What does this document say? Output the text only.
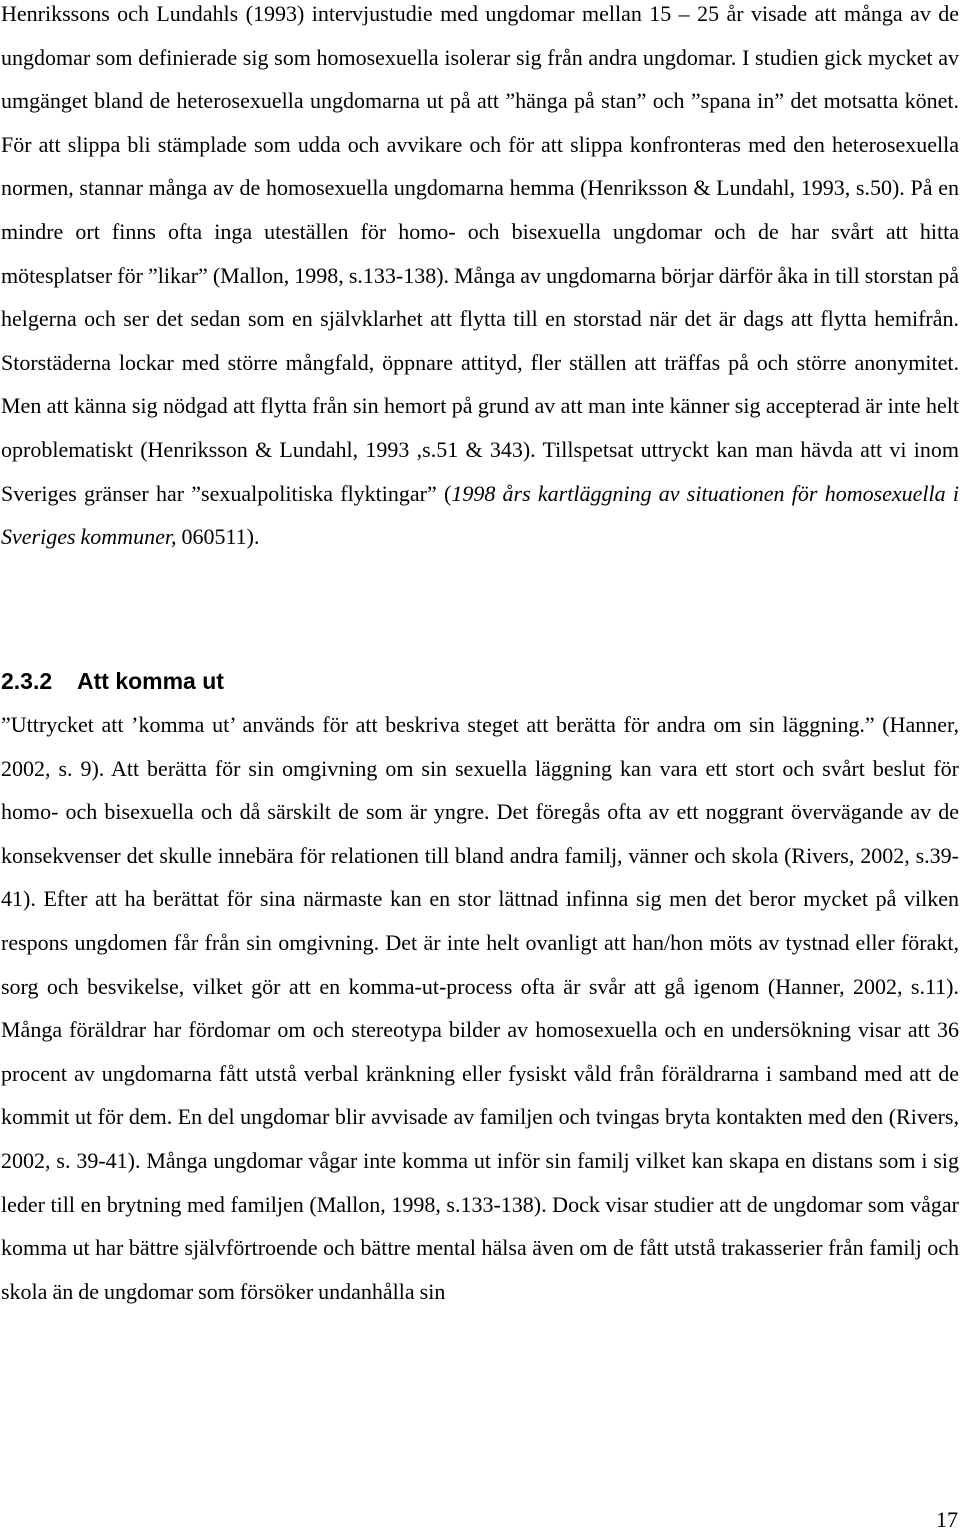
Henrikssons och Lundahls (1993) intervjustudie med ungdomar mellan 15 – 25 år visade att många av de ungdomar som definierade sig som homosexuella isolerar sig från andra ungdomar. I studien gick mycket av umgänget bland de heterosexuella ungdomarna ut på att ”hänga på stan” och ”spana in” det motsatta könet. För att slippa bli stämplade som udda och avvikare och för att slippa konfronteras med den heterosexuella normen, stannar många av de homosexuella ungdomarna hemma (Henriksson & Lundahl, 1993, s.50). På en mindre ort finns ofta inga uteställen för homo- och bisexuella ungdomar och de har svårt att hitta mötesplatser för ”likar” (Mallon, 1998, s.133-138). Många av ungdomarna börjar därför åka in till storstan på helgerna och ser det sedan som en självklarhet att flytta till en storstad när det är dags att flytta hemifrån. Storstäderna lockar med större mångfald, öppnare attityd, fler ställen att träffas på och större anonymitet. Men att känna sig nödgad att flytta från sin hemort på grund av att man inte känner sig accepterad är inte helt oproblematiskt (Henriksson & Lundahl, 1993 ,s.51 & 343). Tillspetsat uttryckt kan man hävda att vi inom Sveriges gränser har ”sexualpolitiska flyktingar” (1998 års kartläggning av situationen för homosexuella i Sveriges kommuner, 060511).

2.3.2 Att komma ut

”Uttrycket att ’komma ut’ används för att beskriva steget att berätta för andra om sin läggning.” (Hanner, 2002, s. 9). Att berätta för sin omgivning om sin sexuella läggning kan vara ett stort och svårt beslut för homo- och bisexuella och då särskilt de som är yngre. Det föregås ofta av ett noggrant övervägande av de konsekvenser det skulle innebära för relationen till bland andra familj, vänner och skola (Rivers, 2002, s.39-41). Efter att ha berättat för sina närmaste kan en stor lättnad infinna sig men det beror mycket på vilken respons ungdomen får från sin omgivning. Det är inte helt ovanligt att han/hon möts av tystnad eller förakt, sorg och besvikelse, vilket gör att en komma-ut-process ofta är svår att gå igenom (Hanner, 2002, s.11). Många föräldrar har fördomar om och stereotypa bilder av homosexuella och en undersökning visar att 36 procent av ungdomarna fått utstå verbal kränkning eller fysiskt våld från föräldrarna i samband med att de kommit ut för dem. En del ungdomar blir avvisade av familjen och tvingas bryta kontakten med den (Rivers, 2002, s. 39-41). Många ungdomar vågar inte komma ut inför sin familj vilket kan skapa en distans som i sig leder till en brytning med familjen (Mallon, 1998, s.133-138). Dock visar studier att de ungdomar som vågar komma ut har bättre självförtroende och bättre mental hälsa även om de fått utstå trakasserier från familj och skola än de ungdomar som försöker undanhålla sin

17
